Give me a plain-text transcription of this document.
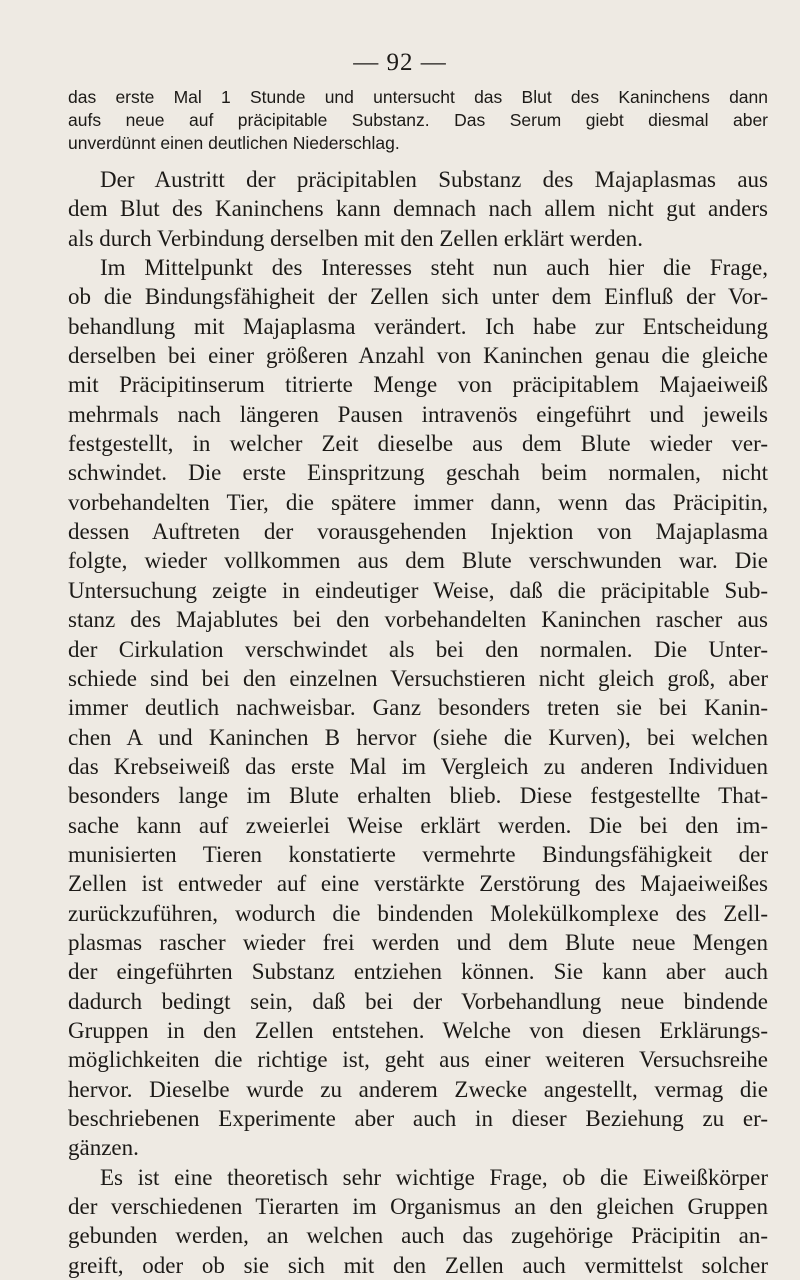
— 92 —
das erste Mal 1 Stunde und untersucht das Blut des Kaninchens dann
aufs neue auf präcipitable Substanz. Das Serum giebt diesmal aber
unverdünnt einen deutlichen Niederschlag.
Der Austritt der präcipitablen Substanz des Majaplasmas aus
dem Blut des Kaninchens kann demnach nach allem nicht gut anders
als durch Verbindung derselben mit den Zellen erklärt werden.
Im Mittelpunkt des Interesses steht nun auch hier die Frage,
ob die Bindungsfähigheit der Zellen sich unter dem Einfluß der Vor-
behandlung mit Majaplasma verändert. Ich habe zur Entscheidung
derselben bei einer größeren Anzahl von Kaninchen genau die gleiche
mit Präcipitinserum titrierte Menge von präcipitablem Majaeiweiß
mehrmals nach längeren Pausen intravenös eingeführt und jeweils
festgestellt, in welcher Zeit dieselbe aus dem Blute wieder ver-
schwindet. Die erste Einspritzung geschah beim normalen, nicht
vorbehandelten Tier, die spätere immer dann, wenn das Präcipitin,
dessen Auftreten der vorausgehenden Injektion von Majaplasma
folgte, wieder vollkommen aus dem Blute verschwunden war. Die
Untersuchung zeigte in eindeutiger Weise, daß die präcipitable Sub-
stanz des Majablutes bei den vorbehandelten Kaninchen rascher aus
der Cirkulation verschwindet als bei den normalen. Die Unter-
schiede sind bei den einzelnen Versuchstieren nicht gleich groß, aber
immer deutlich nachweisbar. Ganz besonders treten sie bei Kanin-
chen A und Kaninchen B hervor (siehe die Kurven), bei welchen
das Krebseiweiß das erste Mal im Vergleich zu anderen Individuen
besonders lange im Blute erhalten blieb. Diese festgestellte That-
sache kann auf zweierlei Weise erklärt werden. Die bei den im-
munisierten Tieren konstatierte vermehrte Bindungsfähigkeit der
Zellen ist entweder auf eine verstärkte Zerstörung des Majaeiweißes
zurückzuführen, wodurch die bindenden Molekülkomplexe des Zell-
plasmas rascher wieder frei werden und dem Blute neue Mengen
der eingeführten Substanz entziehen können. Sie kann aber auch
dadurch bedingt sein, daß bei der Vorbehandlung neue bindende
Gruppen in den Zellen entstehen. Welche von diesen Erklärungs-
möglichkeiten die richtige ist, geht aus einer weiteren Versuchsreihe
hervor. Dieselbe wurde zu anderem Zwecke angestellt, vermag die
beschriebenen Experimente aber auch in dieser Beziehung zu er-
gänzen.
Es ist eine theoretisch sehr wichtige Frage, ob die Eiweißkörper
der verschiedenen Tierarten im Organismus an den gleichen Gruppen
gebunden werden, an welchen auch das zugehörige Präcipitin an-
greift, oder ob sie sich mit den Zellen auch vermittelst solcher
